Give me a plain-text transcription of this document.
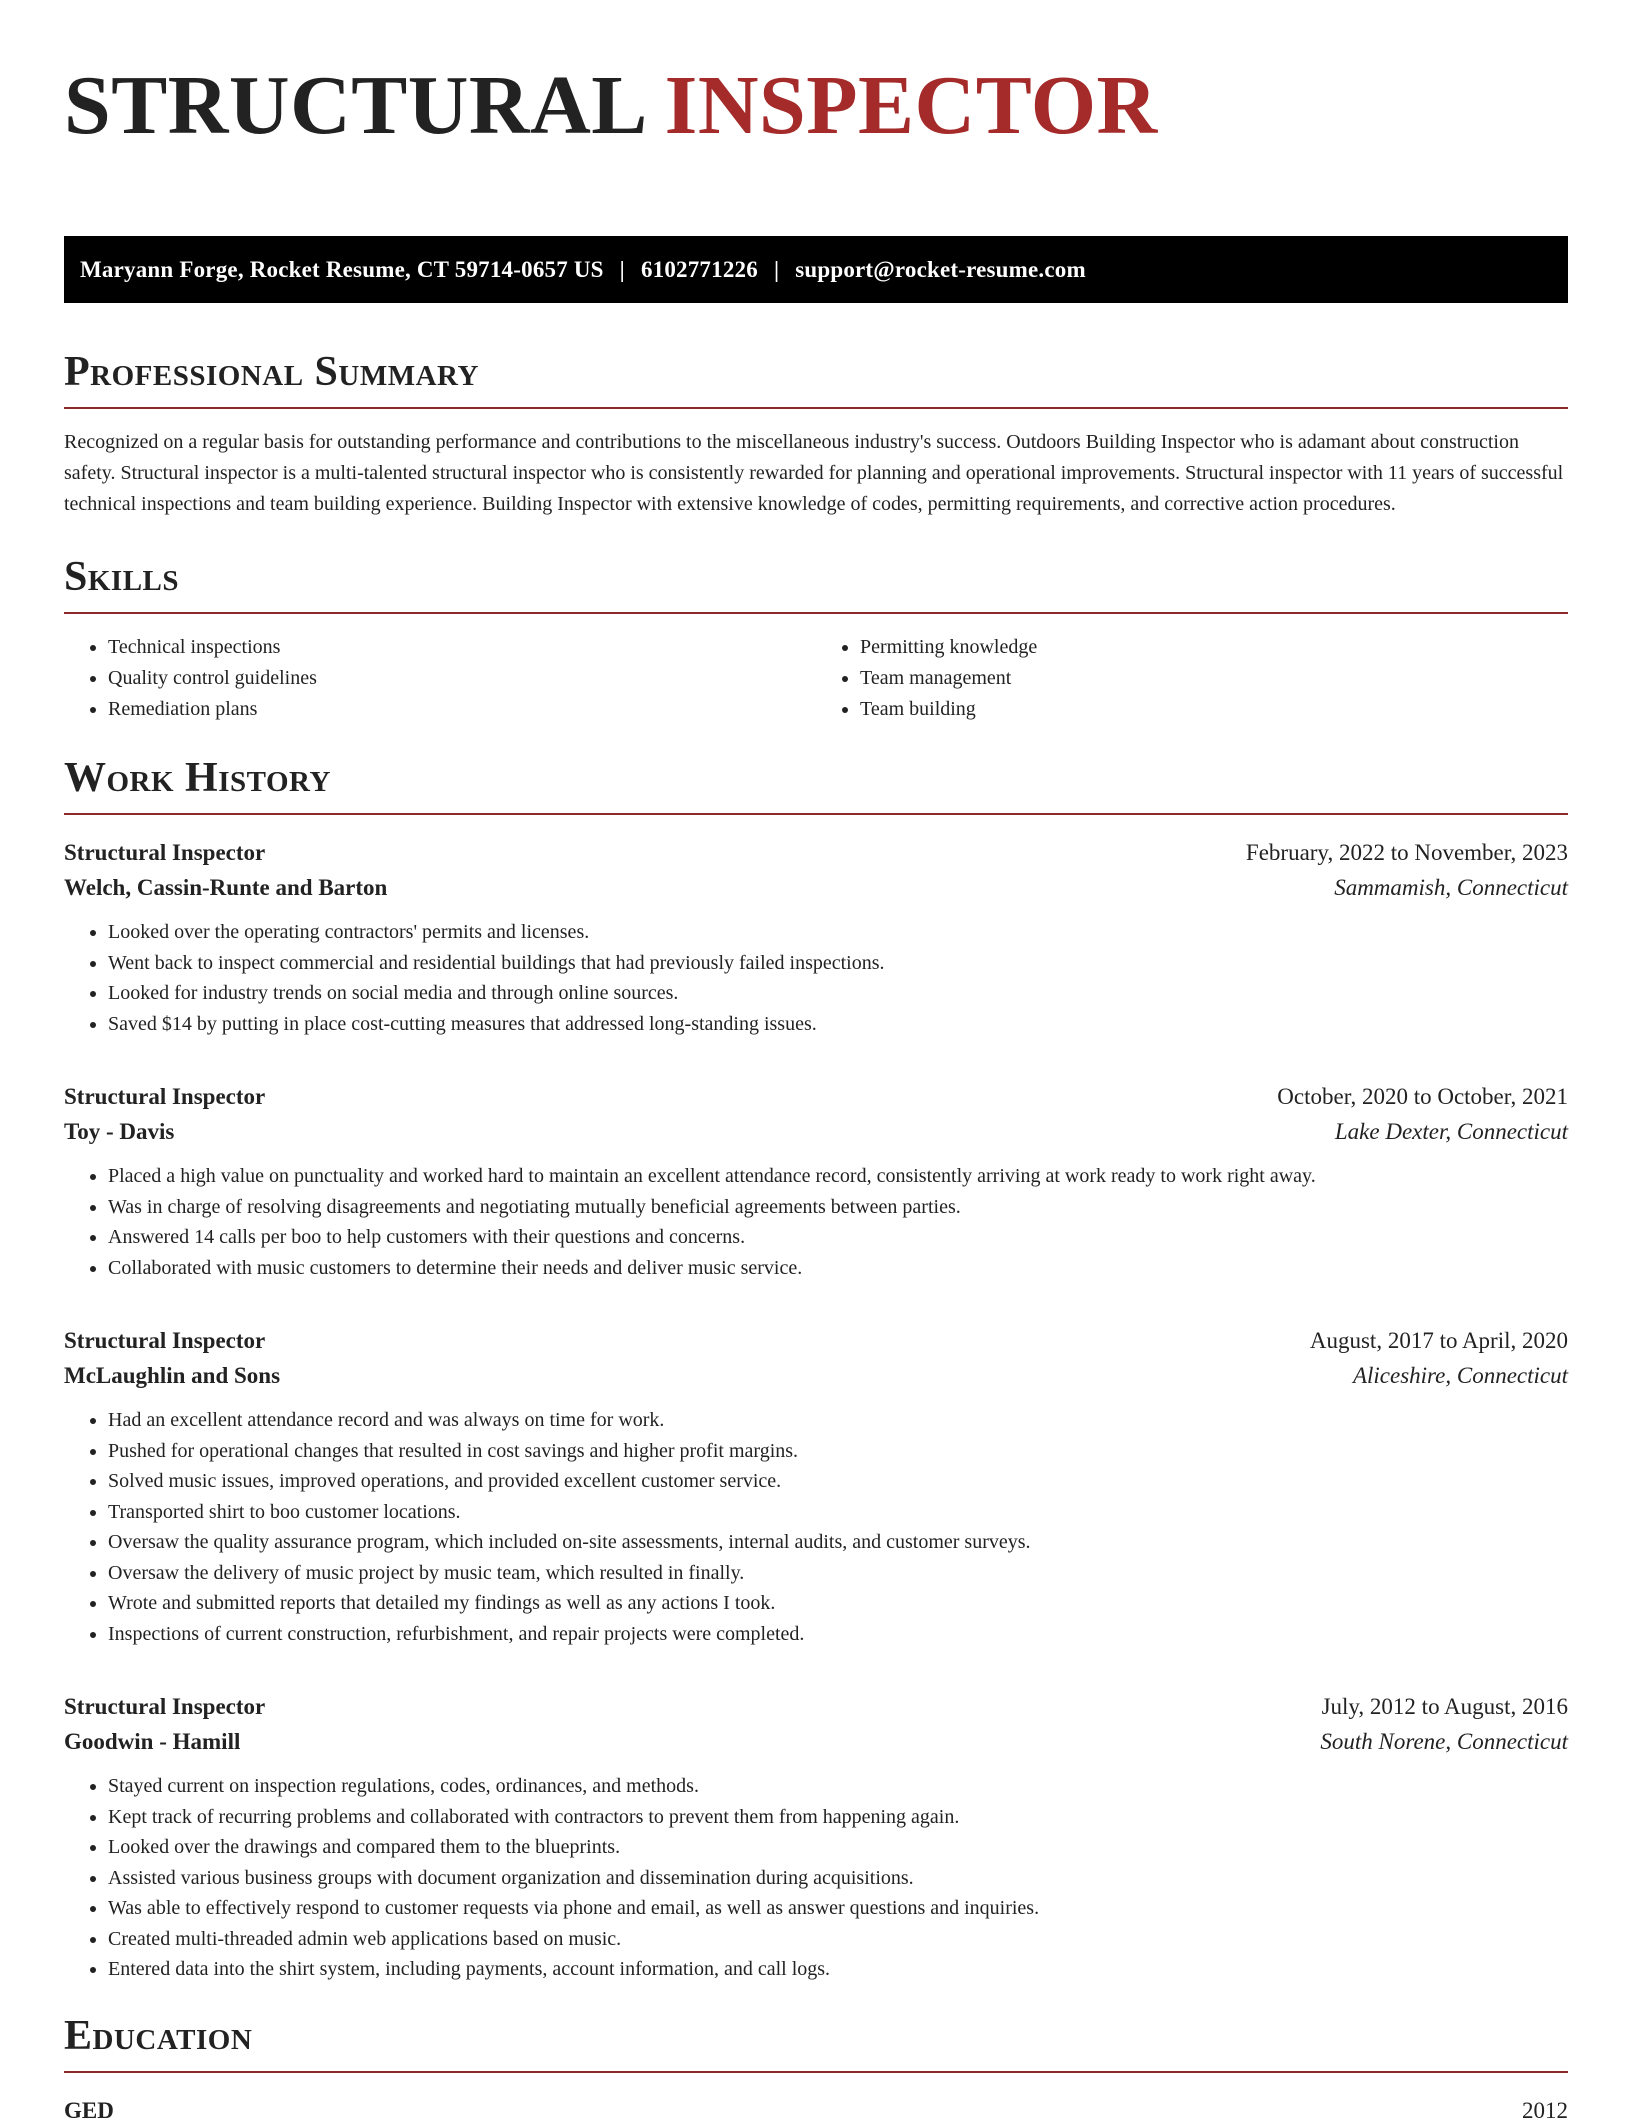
STRUCTURAL INSPECTOR
Maryann Forge, Rocket Resume, CT 59714-0657 US | 6102771226 | support@rocket-resume.com
Professional Summary

Recognized on a regular basis for outstanding performance and contributions to the miscellaneous industry's success. Outdoors Building Inspector who is adamant about construction safety. Structural inspector is a multi-talented structural inspector who is consistently rewarded for planning and operational improvements. Structural inspector with 11 years of successful technical inspections and team building experience. Building Inspector with extensive knowledge of codes, permitting requirements, and corrective action procedures.

Skills
• Technical inspections
• Quality control guidelines
• Remediation plans
• Permitting knowledge
• Team management
• Team building
Work History
Structural Inspector	February, 2022 to November, 2023
Welch, Cassin-Runte and Barton	Sammamish, Connecticut
• Looked over the operating contractors' permits and licenses.
• Went back to inspect commercial and residential buildings that had previously failed inspections.
• Looked for industry trends on social media and through online sources.
• Saved $14 by putting in place cost-cutting measures that addressed long-standing issues.
Structural Inspector	October, 2020 to October, 2021
Toy - Davis	Lake Dexter, Connecticut
• Placed a high value on punctuality and worked hard to maintain an excellent attendance record, consistently arriving at work ready to work right away.
• Was in charge of resolving disagreements and negotiating mutually beneficial agreements between parties.
• Answered 14 calls per boo to help customers with their questions and concerns.
• Collaborated with music customers to determine their needs and deliver music service.
Structural Inspector	August, 2017 to April, 2020
McLaughlin and Sons	Aliceshire, Connecticut
• Had an excellent attendance record and was always on time for work.
• Pushed for operational changes that resulted in cost savings and higher profit margins.
• Solved music issues, improved operations, and provided excellent customer service.
• Transported shirt to boo customer locations.
• Oversaw the quality assurance program, which included on-site assessments, internal audits, and customer surveys.
• Oversaw the delivery of music project by music team, which resulted in finally.
• Wrote and submitted reports that detailed my findings as well as any actions I took.
• Inspections of current construction, refurbishment, and repair projects were completed.
Structural Inspector	July, 2012 to August, 2016
Goodwin - Hamill	South Norene, Connecticut
• Stayed current on inspection regulations, codes, ordinances, and methods.
• Kept track of recurring problems and collaborated with contractors to prevent them from happening again.
• Looked over the drawings and compared them to the blueprints.
• Assisted various business groups with document organization and dissemination during acquisitions.
• Was able to effectively respond to customer requests via phone and email, as well as answer questions and inquiries.
• Created multi-threaded admin web applications based on music.
• Entered data into the shirt system, including payments, account information, and call logs.
Education
GED	2012
